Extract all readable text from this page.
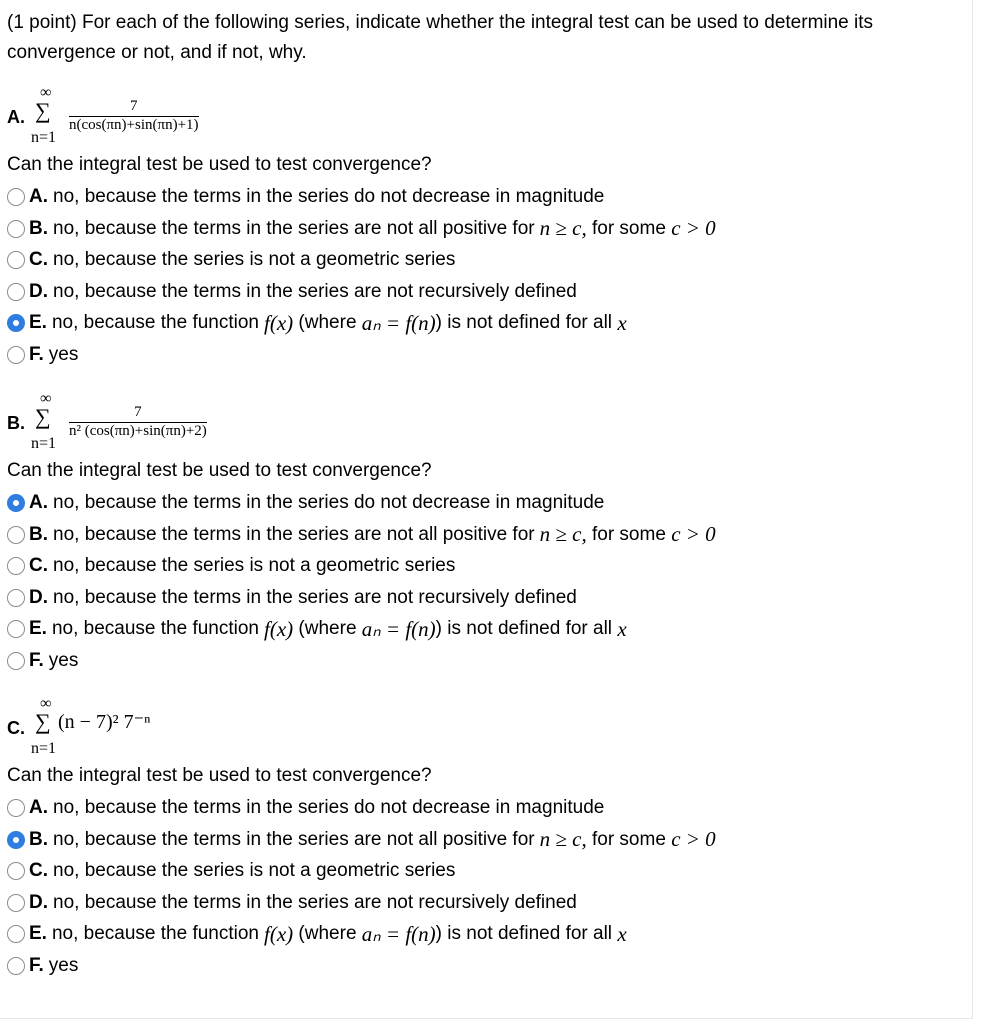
(1 point) For each of the following series, indicate whether the integral test can be used to determine its convergence or not, and if not, why.
A.
∞
∑
n=1
7
n(cos(πn)+sin(πn)+1)
Can the integral test be used to test convergence?
A. no, because the terms in the series do not decrease in magnitude
B. no, because the terms in the series are not all positive for n ≥ c, for some c > 0
C. no, because the series is not a geometric series
D. no, because the terms in the series are not recursively defined
E. no, because the function f(x) (where aₙ = f(n) ) is not defined for all x
F. yes
B.
∞
∑
n=1
7
n² (cos(πn)+sin(πn)+2)
Can the integral test be used to test convergence?
A. no, because the terms in the series do not decrease in magnitude
B. no, because the terms in the series are not all positive for n ≥ c, for some c > 0
C. no, because the series is not a geometric series
D. no, because the terms in the series are not recursively defined
E. no, because the function f(x) (where aₙ = f(n) ) is not defined for all x
F. yes
C.
∞
∑
n=1
(n − 7)² 7⁻ⁿ
Can the integral test be used to test convergence?
A. no, because the terms in the series do not decrease in magnitude
B. no, because the terms in the series are not all positive for n ≥ c, for some c > 0
C. no, because the series is not a geometric series
D. no, because the terms in the series are not recursively defined
E. no, because the function f(x) (where aₙ = f(n) ) is not defined for all x
F. yes
